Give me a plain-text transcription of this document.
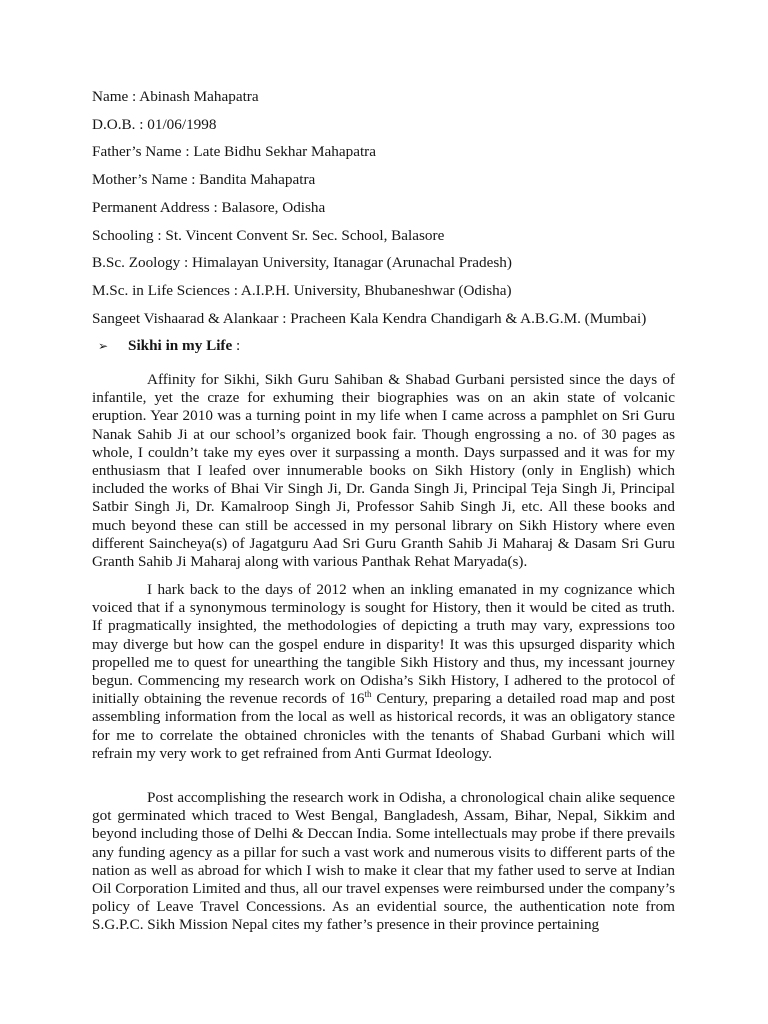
Name : Abinash Mahapatra
D.O.B. : 01/06/1998
Father’s Name : Late Bidhu Sekhar Mahapatra
Mother’s Name : Bandita Mahapatra
Permanent Address : Balasore, Odisha
Schooling : St. Vincent Convent Sr. Sec. School, Balasore
B.Sc. Zoology : Himalayan University, Itanagar (Arunachal Pradesh)
M.Sc. in Life Sciences : A.I.P.H. University, Bhubaneshwar (Odisha)
Sangeet Vishaarad & Alankaar : Pracheen Kala Kendra Chandigarh & A.B.G.M. (Mumbai)
➢ Sikhi in my Life :

Affinity for Sikhi, Sikh Guru Sahiban & Shabad Gurbani persisted since the days of infantile, yet the craze for exhuming their biographies was on an akin state of volcanic eruption. Year 2010 was a turning point in my life when I came across a pamphlet on Sri Guru Nanak Sahib Ji at our school’s organized book fair. Though engrossing a no. of 30 pages as whole, I couldn’t take my eyes over it surpassing a month. Days surpassed and it was for my enthusiasm that I leafed over innumerable books on Sikh History (only in English) which included the works of Bhai Vir Singh Ji, Dr. Ganda Singh Ji, Principal Teja Singh Ji, Principal Satbir Singh Ji, Dr. Kamalroop Singh Ji, Professor Sahib Singh Ji, etc. All these books and much beyond these can still be accessed in my personal library on Sikh History where even different Saincheya(s) of Jagatguru Aad Sri Guru Granth Sahib Ji Maharaj & Dasam Sri Guru Granth Sahib Ji Maharaj along with various Panthak Rehat Maryada(s).

I hark back to the days of 2012 when an inkling emanated in my cognizance which voiced that if a synonymous terminology is sought for History, then it would be cited as truth. If pragmatically insighted, the methodologies of depicting a truth may vary, expressions too may diverge but how can the gospel endure in disparity! It was this upsurged disparity which propelled me to quest for unearthing the tangible Sikh History and thus, my incessant journey begun. Commencing my research work on Odisha’s Sikh History, I adhered to the protocol of initially obtaining the revenue records of 16th Century, preparing a detailed road map and post assembling information from the local as well as historical records, it was an obligatory stance for me to correlate the obtained chronicles with the tenants of Shabad Gurbani which will refrain my very work to get refrained from Anti Gurmat Ideology.

Post accomplishing the research work in Odisha, a chronological chain alike sequence got germinated which traced to West Bengal, Bangladesh, Assam, Bihar, Nepal, Sikkim and beyond including those of Delhi & Deccan India. Some intellectuals may probe if there prevails any funding agency as a pillar for such a vast work and numerous visits to different parts of the nation as well as abroad for which I wish to make it clear that my father used to serve at Indian Oil Corporation Limited and thus, all our travel expenses were reimbursed under the company’s policy of Leave Travel Concessions. As an evidential source, the authentication note from S.G.P.C. Sikh Mission Nepal cites my father’s presence in their province pertaining
